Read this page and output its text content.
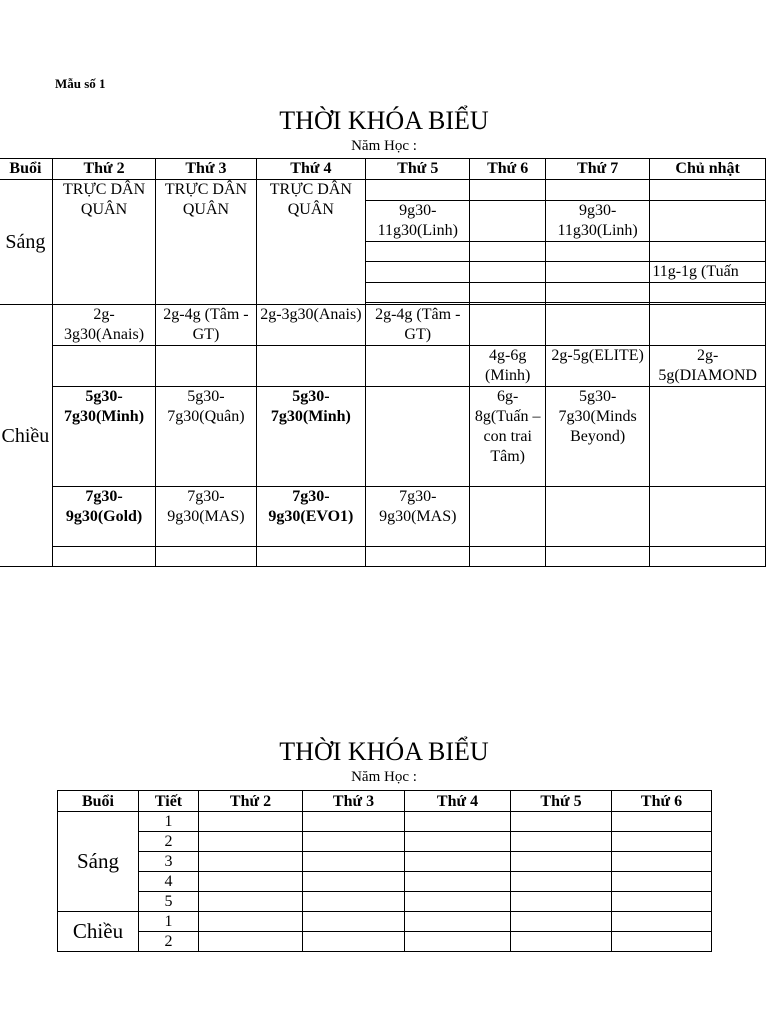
Mẫu số 1
THỜI KHÓA BIỂU
Năm Học :
Buổi	Thứ 2	Thứ 3	Thứ 4	Thứ 5	Thứ 6	Thứ 7	Chủ nhật
Sáng	TRỰC DÂN QUÂN	TRỰC DÂN QUÂN	TRỰC DÂN QUÂN				
				9g30-11g30(Linh)		9g30-11g30(Linh)	

							11g-1g (Tuấn

Chiều	2g-3g30(Anais)	2g-4g (Tâm - GT)	2g-3g30(Anais)	2g-4g (Tâm - GT)			
					4g-6g (Minh)	2g-5g(ELITE)	2g-5g(DIAMOND
	5g30-7g30(Minh)	5g30-7g30(Quân)	5g30-7g30(Minh)		6g-8g(Tuấn – con trai Tâm)	5g30-7g30(Minds Beyond)	
	7g30-9g30(Gold)	7g30-9g30(MAS)	7g30-9g30(EVO1)	7g30-9g30(MAS)			

THỜI KHÓA BIỂU
Năm Học :
Buổi	Tiết	Thứ 2	Thứ 3	Thứ 4	Thứ 5	Thứ 6
Sáng	1					
	2					
	3					
	4					
	5					
Chiều	1					
	2					
